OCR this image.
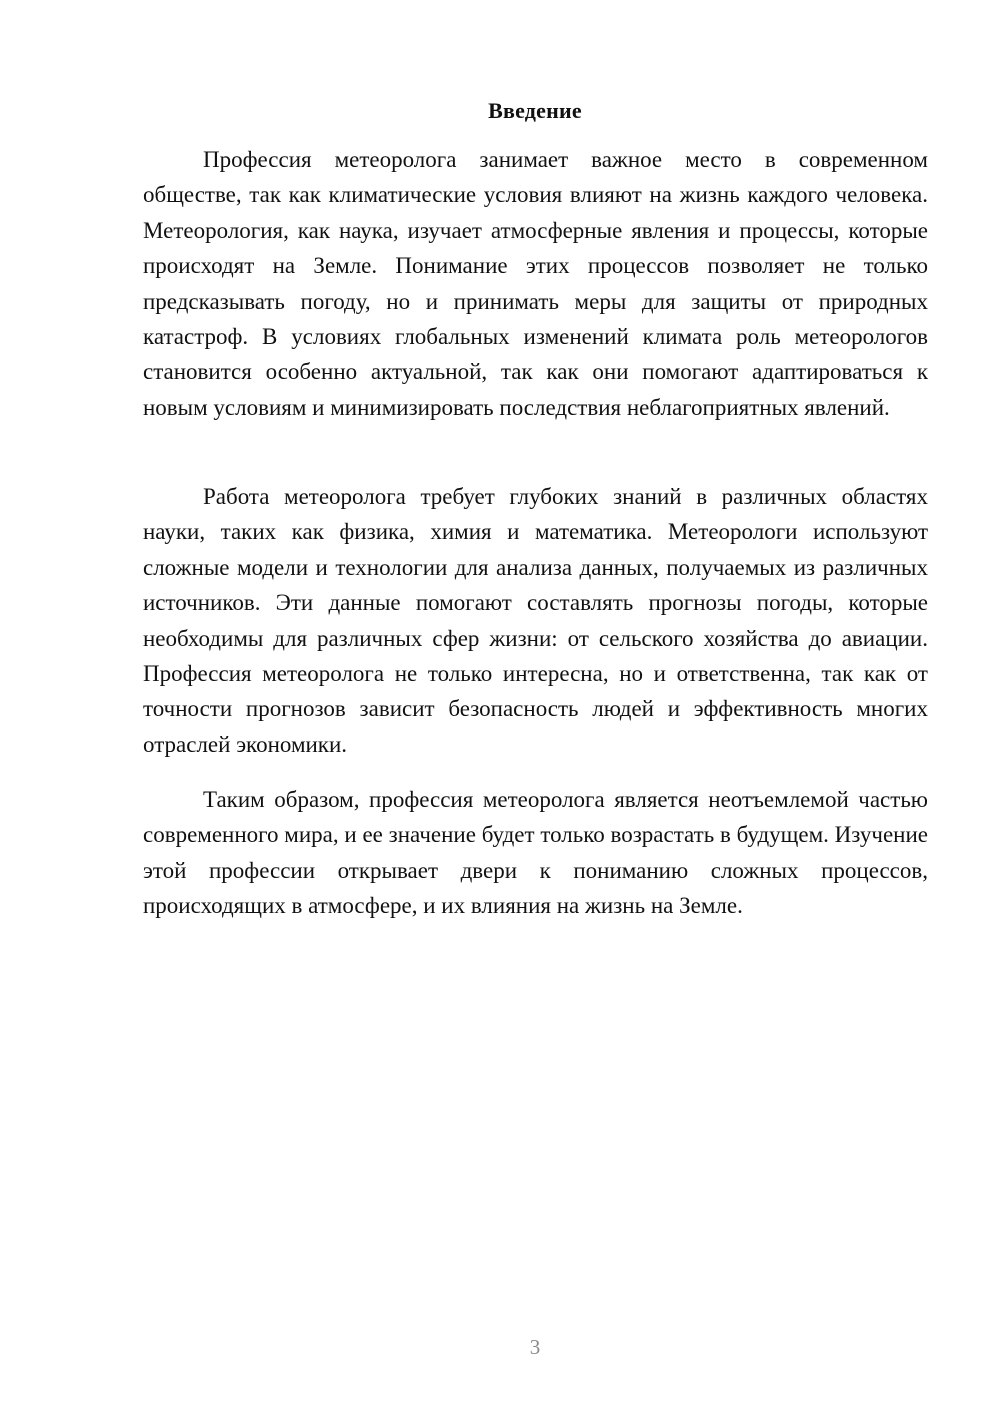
Введение

Профессия метеоролога занимает важное место в современном обществе, так как климатические условия влияют на жизнь каждого человека. Метеорология, как наука, изучает атмосферные явления и процессы, которые происходят на Земле. Понимание этих процессов позволяет не только предсказывать погоду, но и принимать меры для защиты от природных катастроф. В условиях глобальных изменений климата роль метеорологов становится особенно актуальной, так как они помогают адаптироваться к новым условиям и минимизировать последствия неблагоприятных явлений.

Работа метеоролога требует глубоких знаний в различных областях науки, таких как физика, химия и математика. Метеорологи используют сложные модели и технологии для анализа данных, получаемых из различных источников. Эти данные помогают составлять прогнозы погоды, которые необходимы для различных сфер жизни: от сельского хозяйства до авиации. Профессия метеоролога не только интересна, но и ответственна, так как от точности прогнозов зависит безопасность людей и эффективность многих отраслей экономики.

Таким образом, профессия метеоролога является неотъемлемой частью современного мира, и ее значение будет только возрастать в будущем. Изучение этой профессии открывает двери к пониманию сложных процессов, происходящих в атмосфере, и их влияния на жизнь на Земле.

3
